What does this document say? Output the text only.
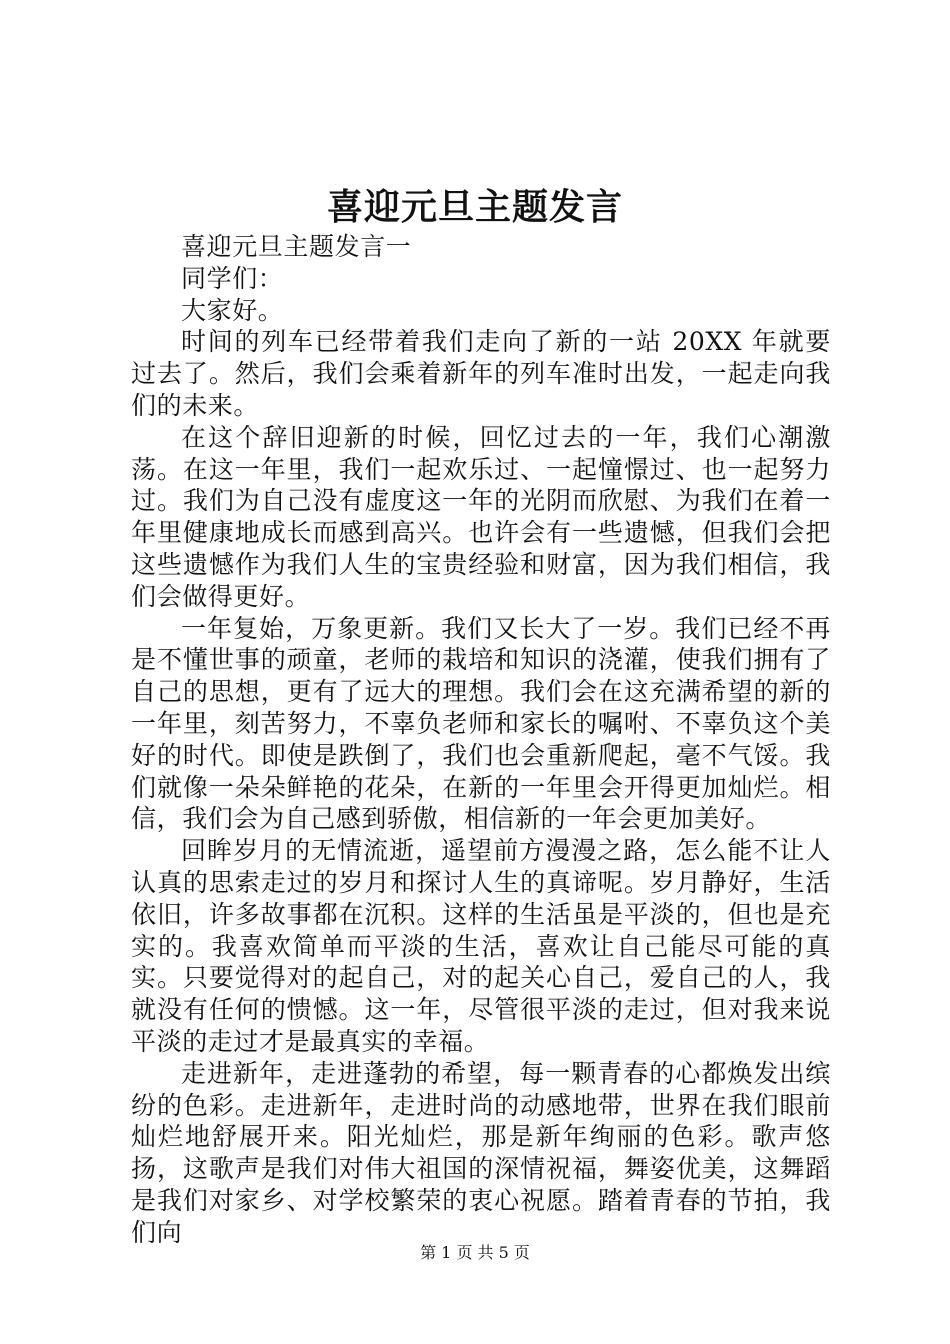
喜迎元旦主题发言

喜迎元旦主题发言一

同学们：

大家好。

时间的列车已经带着我们走向了新的一站 20XX 年就要过去了。然后，我们会乘着新年的列车准时出发，一起走向我们的未来。

在这个辞旧迎新的时候，回忆过去的一年，我们心潮激荡。在这一年里，我们一起欢乐过、一起憧憬过、也一起努力过。我们为自己没有虚度这一年的光阴而欣慰、为我们在着一年里健康地成长而感到高兴。也许会有一些遗憾，但我们会把这些遗憾作为我们人生的宝贵经验和财富，因为我们相信，我们会做得更好。

一年复始，万象更新。我们又长大了一岁。我们已经不再是不懂世事的顽童，老师的栽培和知识的浇灌，使我们拥有了自己的思想，更有了远大的理想。我们会在这充满希望的新的一年里，刻苦努力，不辜负老师和家长的嘱咐、不辜负这个美好的时代。即使是跌倒了，我们也会重新爬起，毫不气馁。我们就像一朵朵鲜艳的花朵，在新的一年里会开得更加灿烂。相信，我们会为自己感到骄傲，相信新的一年会更加美好。

回眸岁月的无情流逝，遥望前方漫漫之路，怎么能不让人认真的思索走过的岁月和探讨人生的真谛呢。岁月静好，生活依旧，许多故事都在沉积。这样的生活虽是平淡的，但也是充实的。我喜欢简单而平淡的生活，喜欢让自己能尽可能的真实。只要觉得对的起自己，对的起关心自己，爱自己的人，我就没有任何的愦憾。这一年，尽管很平淡的走过，但对我来说平淡的走过才是最真实的幸福。

走进新年，走进蓬勃的希望，每一颗青春的心都焕发出缤纷的色彩。走进新年，走进时尚的动感地带，世界在我们眼前灿烂地舒展开来。阳光灿烂，那是新年绚丽的色彩。歌声悠扬，这歌声是我们对伟大祖国的深情祝福，舞姿优美，这舞蹈是我们对家乡、对学校繁荣的衷心祝愿。踏着青春的节拍，我们向

第 1 页 共 5 页
